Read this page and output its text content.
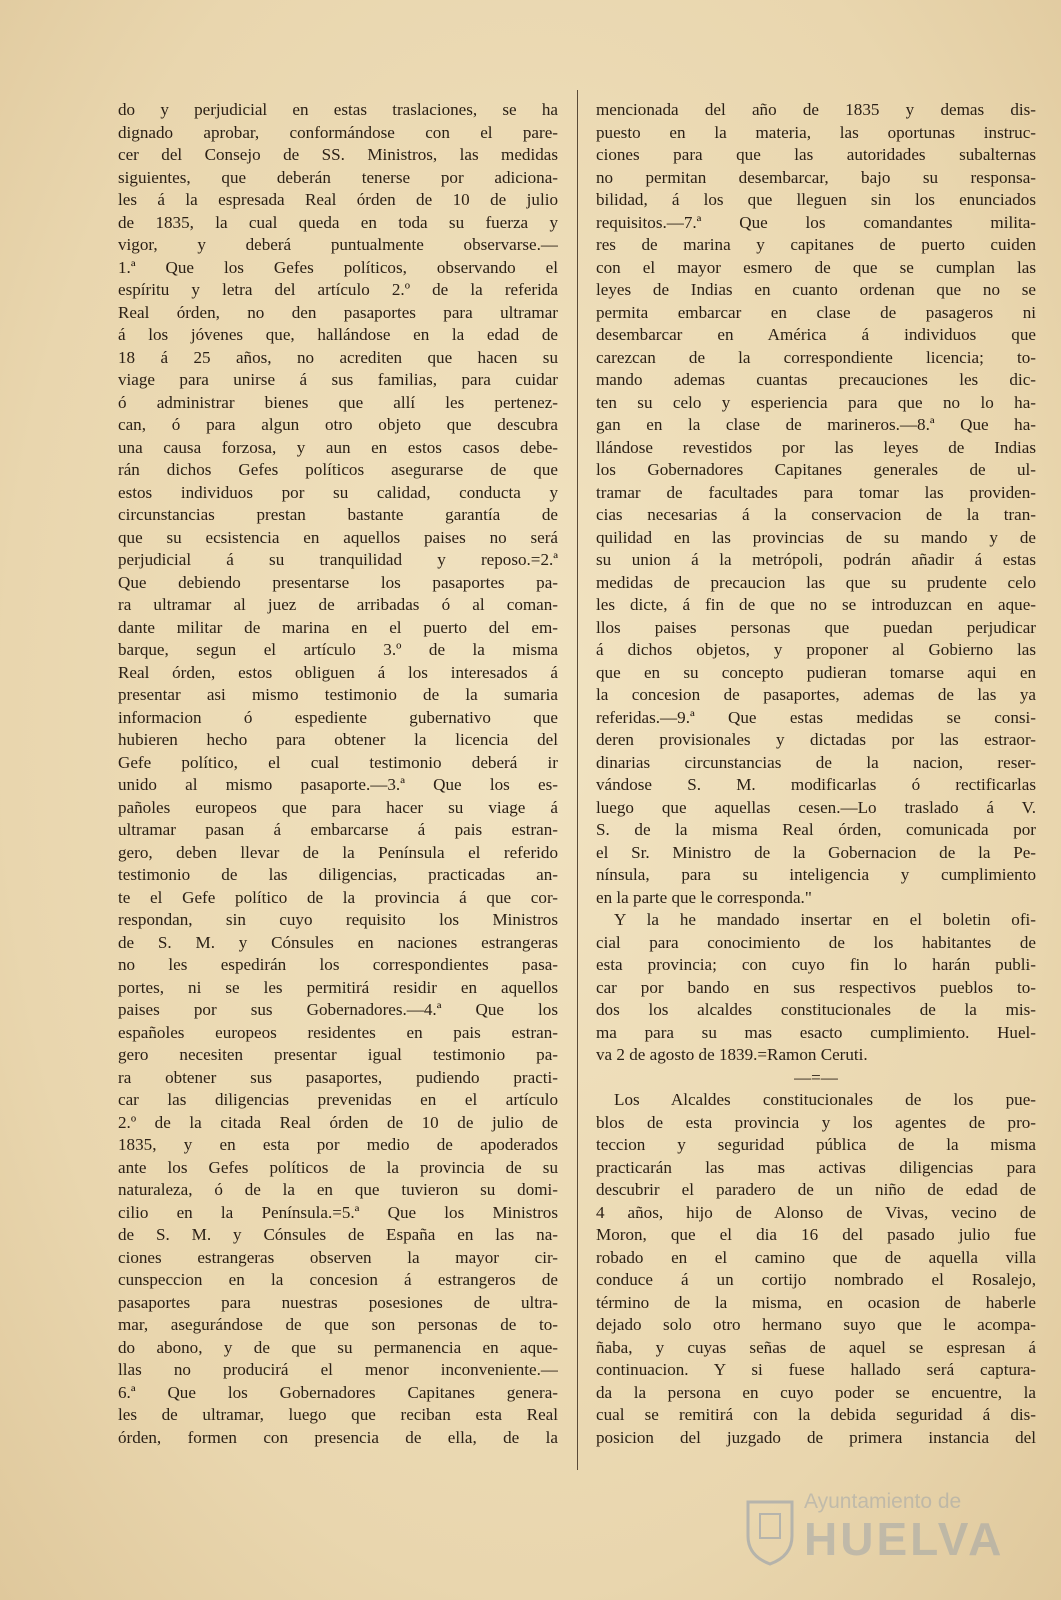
do y perjudicial en estas traslaciones, se ha
dignado aprobar, conformándose con el pare-
cer del Consejo de SS. Ministros, las medidas
siguientes, que deberán tenerse por adiciona-
les á la espresada Real órden de 10 de julio
de 1835, la cual queda en toda su fuerza y
vigor, y deberá puntualmente observarse.—
1.ª Que los Gefes políticos, observando el
espíritu y letra del artículo 2.º de la referida
Real órden, no den pasaportes para ultramar
á los jóvenes que, hallándose en la edad de
18 á 25 años, no acrediten que hacen su
viage para unirse á sus familias, para cuidar
ó administrar bienes que allí les pertenez-
can, ó para algun otro objeto que descubra
una causa forzosa, y aun en estos casos debe-
rán dichos Gefes políticos asegurarse de que
estos individuos por su calidad, conducta y
circunstancias prestan bastante garantía de
que su ecsistencia en aquellos paises no será
perjudicial á su tranquilidad y reposo.=2.ª
Que debiendo presentarse los pasaportes pa-
ra ultramar al juez de arribadas ó al coman-
dante militar de marina en el puerto del em-
barque, segun el artículo 3.º de la misma
Real órden, estos obliguen á los interesados á
presentar asi mismo testimonio de la sumaria
informacion ó espediente gubernativo que
hubieren hecho para obtener la licencia del
Gefe político, el cual testimonio deberá ir
unido al mismo pasaporte.—3.ª Que los es-
pañoles europeos que para hacer su viage á
ultramar pasan á embarcarse á pais estran-
gero, deben llevar de la Península el referido
testimonio de las diligencias, practicadas an-
te el Gefe político de la provincia á que cor-
respondan, sin cuyo requisito los Ministros
de S. M. y Cónsules en naciones estrangeras
no les espedirán los correspondientes pasa-
portes, ni se les permitirá residir en aquellos
paises por sus Gobernadores.—4.ª Que los
españoles europeos residentes en pais estran-
gero necesiten presentar igual testimonio pa-
ra obtener sus pasaportes, pudiendo practi-
car las diligencias prevenidas en el artículo
2.º de la citada Real órden de 10 de julio de
1835, y en esta por medio de apoderados
ante los Gefes políticos de la provincia de su
naturaleza, ó de la en que tuvieron su domi-
cilio en la Península.=5.ª Que los Ministros
de S. M. y Cónsules de España en las na-
ciones estrangeras observen la mayor cir-
cunspeccion en la concesion á estrangeros de
pasaportes para nuestras posesiones de ultra-
mar, asegurándose de que son personas de to-
do abono, y de que su permanencia en aque-
llas no producirá el menor inconveniente.—
6.ª Que los Gobernadores Capitanes genera-
les de ultramar, luego que reciban esta Real
órden, formen con presencia de ella, de la
mencionada del año de 1835 y demas dis-
puesto en la materia, las oportunas instruc-
ciones para que las autoridades subalternas
no permitan desembarcar, bajo su responsa-
bilidad, á los que lleguen sin los enunciados
requisitos.—7.ª Que los comandantes milita-
res de marina y capitanes de puerto cuiden
con el mayor esmero de que se cumplan las
leyes de Indias en cuanto ordenan que no se
permita embarcar en clase de pasageros ni
desembarcar en América á individuos que
carezcan de la correspondiente licencia; to-
mando ademas cuantas precauciones les dic-
ten su celo y esperiencia para que no lo ha-
gan en la clase de marineros.—8.ª Que ha-
llándose revestidos por las leyes de Indias
los Gobernadores Capitanes generales de ul-
tramar de facultades para tomar las providen-
cias necesarias á la conservacion de la tran-
quilidad en las provincias de su mando y de
su union á la metrópoli, podrán añadir á estas
medidas de precaucion las que su prudente celo
les dicte, á fin de que no se introduzcan en aque-
llos paises personas que puedan perjudicar
á dichos objetos, y proponer al Gobierno las
que en su concepto pudieran tomarse aqui en
la concesion de pasaportes, ademas de las ya
referidas.—9.ª Que estas medidas se consi-
deren provisionales y dictadas por las estraor-
dinarias circunstancias de la nacion, reser-
vándose S. M. modificarlas ó rectificarlas
luego que aquellas cesen.—Lo traslado á V.
S. de la misma Real órden, comunicada por
el Sr. Ministro de la Gobernacion de la Pe-
nínsula, para su inteligencia y cumplimiento
en la parte que le corresponda."
Y la he mandado insertar en el boletin ofi-
cial para conocimiento de los habitantes de
esta provincia; con cuyo fin lo harán publi-
car por bando en sus respectivos pueblos to-
dos los alcaldes constitucionales de la mis-
ma para su mas esacto cumplimiento. Huel-
va 2 de agosto de 1839.=Ramon Ceruti.
—=—
Los Alcaldes constitucionales de los pue-
blos de esta provincia y los agentes de pro-
teccion y seguridad pública de la misma
practicarán las mas activas diligencias para
descubrir el paradero de un niño de edad de
4 años, hijo de Alonso de Vivas, vecino de
Moron, que el dia 16 del pasado julio fue
robado en el camino que de aquella villa
conduce á un cortijo nombrado el Rosalejo,
término de la misma, en ocasion de haberle
dejado solo otro hermano suyo que le acompa-
ñaba, y cuyas señas de aquel se espresan á
continuacion. Y si fuese hallado será captura-
da la persona en cuyo poder se encuentre, la
cual se remitirá con la debida seguridad á dis-
posicion del juzgado de primera instancia del
Ayuntamiento de
HUELVA
